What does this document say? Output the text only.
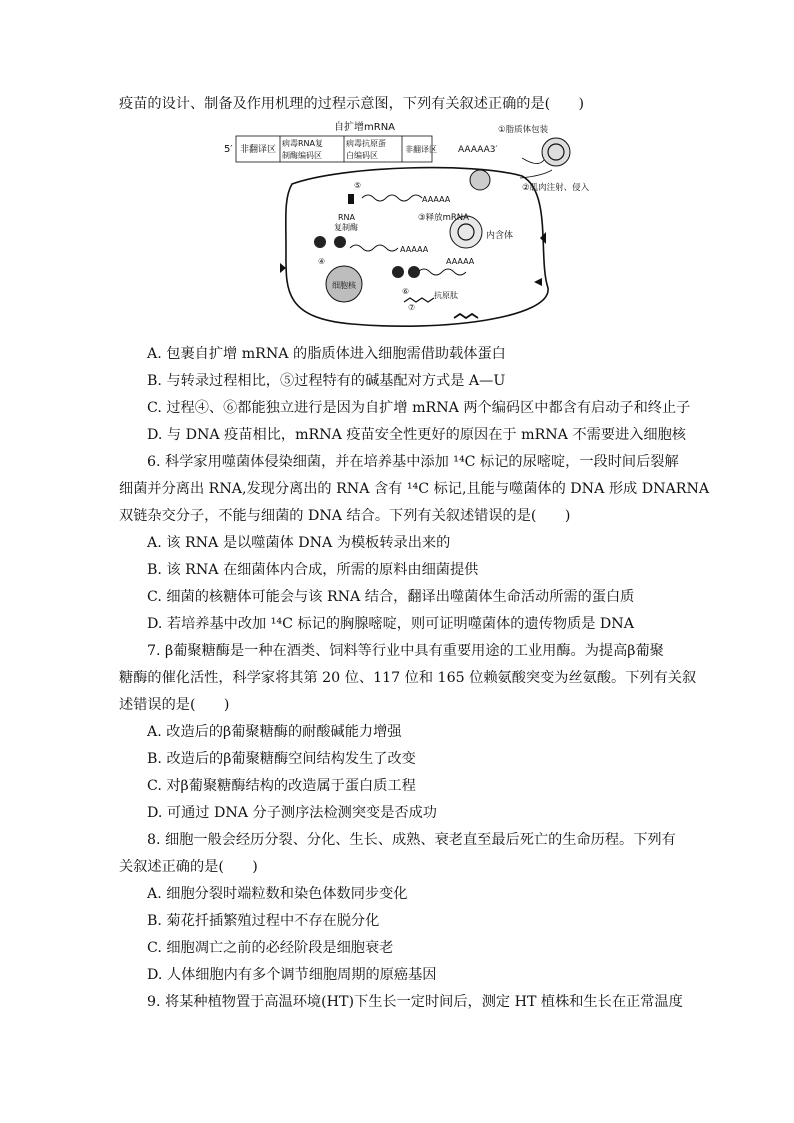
疫苗的设计、制备及作用机理的过程示意图，下列有关叙述正确的是(　　)
自扩增mRNA
5′ 非翻译区
病毒RNA复
制酶编码区
病毒抗原蛋
白编码区
非翻译区 AAAAA3′
①脂质体包装
②肌肉注射、侵入
内含体
③释放mRNA
AAAAA
AAAAA
AAAAA
⑤
RNA
复制酶
④
⑥
⑦
细胞核
抗原肽
A. 包裹自扩增 mRNA 的脂质体进入细胞需借助载体蛋白
B. 与转录过程相比，⑤过程特有的碱基配对方式是 A—U
C. 过程④、⑥都能独立进行是因为自扩增 mRNA 两个编码区中都含有启动子和终止子
D. 与 DNA 疫苗相比，mRNA 疫苗安全性更好的原因在于 mRNA 不需要进入细胞核
6. 科学家用噬菌体侵染细菌，并在培养基中添加 ¹⁴C 标记的尿嘧啶，一段时间后裂解
细菌并分离出 RNA,发现分离出的 RNA 含有 ¹⁴C 标记,且能与噬菌体的 DNA 形成 DNARNA
双链杂交分子，不能与细菌的 DNA 结合。下列有关叙述错误的是(　　)
A. 该 RNA 是以噬菌体 DNA 为模板转录出来的
B. 该 RNA 在细菌体内合成，所需的原料由细菌提供
C. 细菌的核糖体可能会与该 RNA 结合，翻译出噬菌体生命活动所需的蛋白质
D. 若培养基中改加 ¹⁴C 标记的胸腺嘧啶，则可证明噬菌体的遗传物质是 DNA
7. β葡聚糖酶是一种在酒类、饲料等行业中具有重要用途的工业用酶。为提高β葡聚
糖酶的催化活性，科学家将其第 20 位、117 位和 165 位赖氨酸突变为丝氨酸。下列有关叙
述错误的是(　　)
A. 改造后的β葡聚糖酶的耐酸碱能力增强
B. 改造后的β葡聚糖酶空间结构发生了改变
C. 对β葡聚糖酶结构的改造属于蛋白质工程
D. 可通过 DNA 分子测序法检测突变是否成功
8. 细胞一般会经历分裂、分化、生长、成熟、衰老直至最后死亡的生命历程。下列有
关叙述正确的是(　　)
A. 细胞分裂时端粒数和染色体数同步变化
B. 菊花扦插繁殖过程中不存在脱分化
C. 细胞凋亡之前的必经阶段是细胞衰老
D. 人体细胞内有多个调节细胞周期的原癌基因
9. 将某种植物置于高温环境(HT)下生长一定时间后，测定 HT 植株和生长在正常温度
